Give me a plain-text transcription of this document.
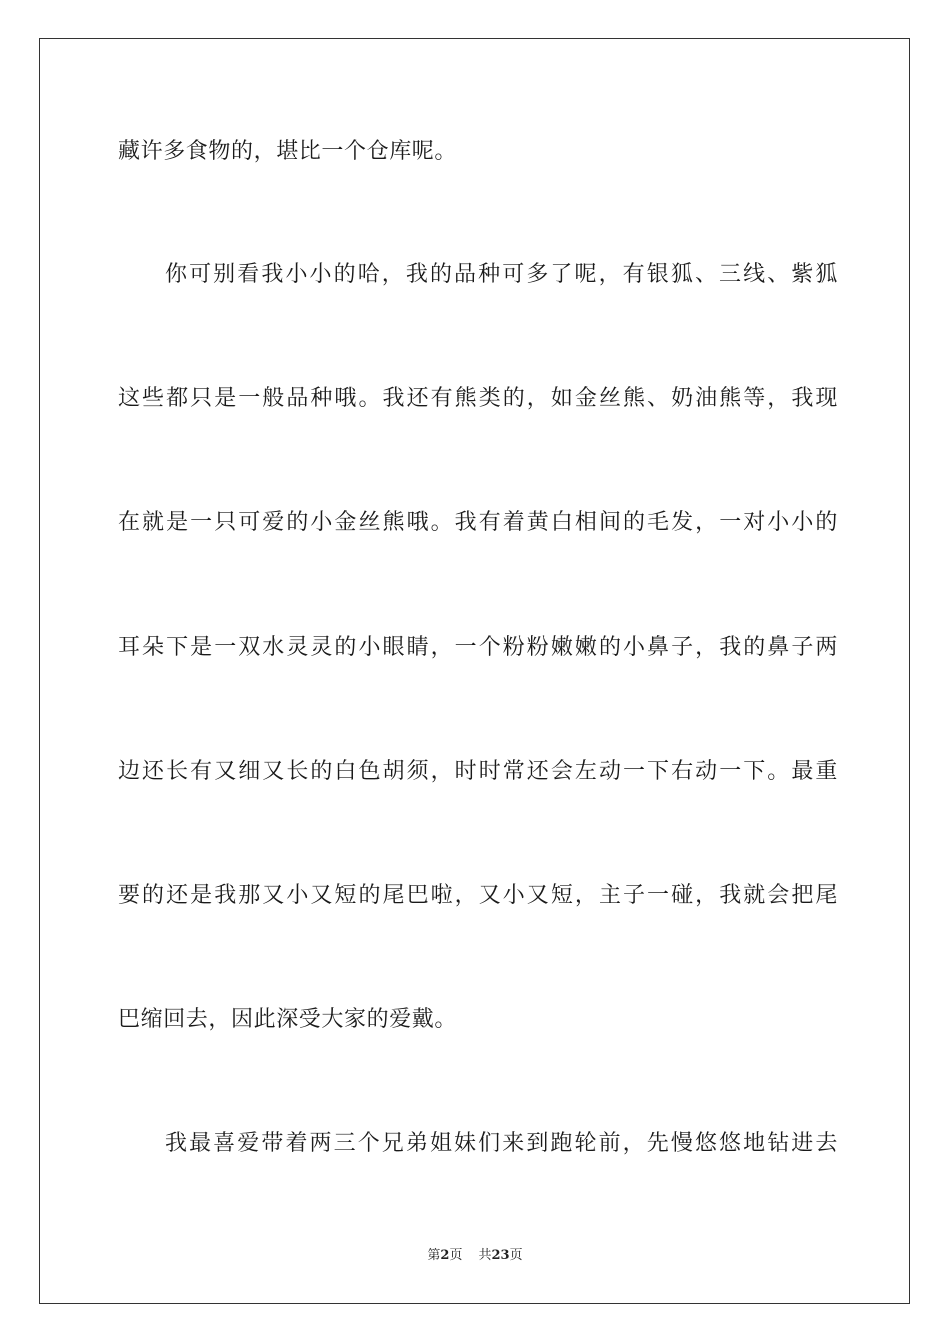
藏许多食物的，堪比一个仓库呢。
你可别看我小小的哈，我的品种可多了呢，有银狐、三线、紫狐
这些都只是一般品种哦。我还有熊类的，如金丝熊、奶油熊等，我现
在就是一只可爱的小金丝熊哦。我有着黄白相间的毛发，一对小小的
耳朵下是一双水灵灵的小眼睛，一个粉粉嫩嫩的小鼻子，我的鼻子两
边还长有又细又长的白色胡须，时时常还会左动一下右动一下。最重
要的还是我那又小又短的尾巴啦，又小又短，主子一碰，我就会把尾
巴缩回去，因此深受大家的爱戴。
我最喜爱带着两三个兄弟姐妹们来到跑轮前，先慢悠悠地钻进去
第2页 共23页
